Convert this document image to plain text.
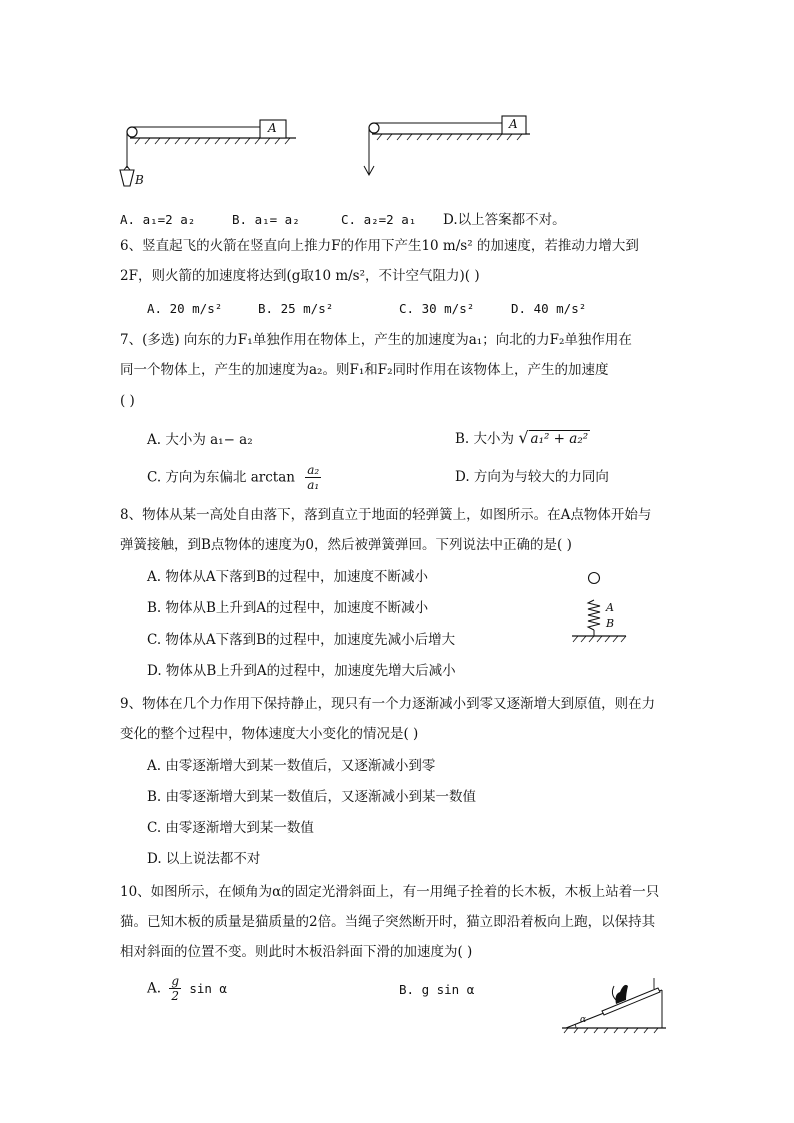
A
B
A
A. a₁=2 a₂	B. a₁= a₂	C. a₂=2 a₁ D.以上答案都不对。
6、竖直起飞的火箭在竖直向上推力F的作用下产生10 m/s² 的加速度，若推动力增大到
2F，则火箭的加速度将达到(g取10 m/s²，不计空气阻力)( )
A. 20 m/s²	B. 25 m/s²	C. 30 m/s²	D. 40 m/s²
7、(多选) 向东的力F₁单独作用在物体上，产生的加速度为a₁；向北的力F₂单独作用在
同一个物体上，产生的加速度为a₂。则F₁和F₂同时作用在该物体上，产生的加速度
( )
A. 大小为 a₁− a₂	B. 大小为 √ a₁² + a₂²
C. 方向为东偏北 $\arctan \frac{\text{a₂}}{\text{a₁}}$	D. 方向为与较大的力同向
8、物体从某一高处自由落下，落到直立于地面的轻弹簧上，如图所示。在A点物体开始与
弹簧接触，到B点物体的速度为0，然后被弹簧弹回。下列说法中正确的是( )
A. 物体从A下落到B的过程中，加速度不断减小
B. 物体从B上升到A的过程中，加速度不断减小
C. 物体从A下落到B的过程中，加速度先减小后增大
D. 物体从B上升到A的过程中，加速度先增大后减小
A
B
9、物体在几个力作用下保持静止，现只有一个力逐渐减小到零又逐渐增大到原值，则在力
变化的整个过程中，物体速度大小变化的情况是( )
A. 由零逐渐增大到某一数值后，又逐渐减小到零
B. 由零逐渐增大到某一数值后，又逐渐减小到某一数值
C. 由零逐渐增大到某一数值
D. 以上说法都不对
10、如图所示，在倾角为α的固定光滑斜面上，有一用绳子拴着的长木板，木板上站着一只
猫。已知木板的质量是猫质量的2倍。当绳子突然断开时，猫立即沿着板向上跑，以保持其
相对斜面的位置不变。则此时木板沿斜面下滑的加速度为( )
A. $\frac{g}{2}$ sin α	B. g sin α
α
